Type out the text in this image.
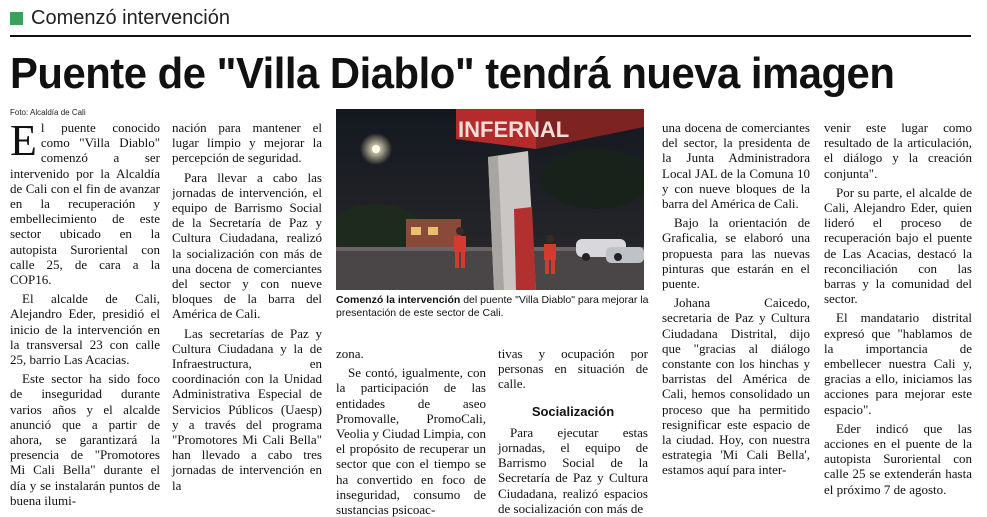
Comenzó intervención
Puente de "Villa Diablo" tendrá nueva imagen
Foto: Alcaldía de Cali

El puente conocido como "Villa Diablo" comenzó a ser intervenido por la Alcaldía de Cali con el fin de avanzar en la recuperación y embellecimiento de este sector ubicado en la autopista Suroriental con calle 25, de cara a la COP16.

El alcalde de Cali, Alejandro Eder, presidió el inicio de la intervención en la transversal 23 con calle 25, barrio Las Acacias.

Este sector ha sido foco de inseguridad durante varios años y el alcalde anunció que a partir de ahora, se garantizará la presencia de "Promotores Mi Cali Bella" durante el día y se instalarán puntos de buena ilumi-

nación para mantener el lugar limpio y mejorar la percepción de seguridad.

Para llevar a cabo las jornadas de intervención, el equipo de Barrismo Social de la Secretaría de Paz y Cultura Ciudadana, realizó la socialización con más de una docena de comerciantes del sector y con nueve bloques de la barra del América de Cali.

Las secretarías de Paz y Cultura Ciudadana y la de Infraestructura, en coordinación con la Unidad Administrativa Especial de Servicios Públicos (Uaesp) y a través del programa "Promotores Mi Cali Bella" han llevado a cabo tres jornadas de intervención en la

INFERNAL
Comenzó la intervención del puente "Villa Diablo" para mejorar la presentación de este sector de Cali.

zona.

Se contó, igualmente, con la participación de las entidades de aseo Promovalle, PromoCali, Veolia y Ciudad Limpia, con el propósito de recuperar un sector que con el tiempo se ha convertido en foco de inseguridad, consumo de sustancias psicoac-

tivas y ocupación por personas en situación de calle.

Socialización

Para ejecutar estas jornadas, el equipo de Barrismo Social de la Secretaría de Paz y Cultura Ciudadana, realizó espacios de socialización con más de

una docena de comerciantes del sector, la presidenta de la Junta Administradora Local JAL de la Comuna 10 y con nueve bloques de la barra del América de Cali.

Bajo la orientación de Graficalia, se elaboró una propuesta para las nuevas pinturas que estarán en el puente.

Johana Caicedo, secretaria de Paz y Cultura Ciudadana Distrital, dijo que "gracias al diálogo constante con los hinchas y barristas del América de Cali, hemos consolidado un proceso que ha permitido resignificar este espacio de la ciudad. Hoy, con nuestra estrategia 'Mi Cali Bella', estamos aquí para inter-

venir este lugar como resultado de la articulación, el diálogo y la creación conjunta".

Por su parte, el alcalde de Cali, Alejandro Eder, quien lideró el proceso de recuperación bajo el puente de Las Acacias, destacó la reconciliación con las barras y la comunidad del sector.

El mandatario distrital expresó que "hablamos de la importancia de embellecer nuestra Cali y, gracias a ello, iniciamos las acciones para mejorar este espacio".

Eder indicó que las acciones en el puente de la autopista Suroriental con calle 25 se extenderán hasta el próximo 7 de agosto.
